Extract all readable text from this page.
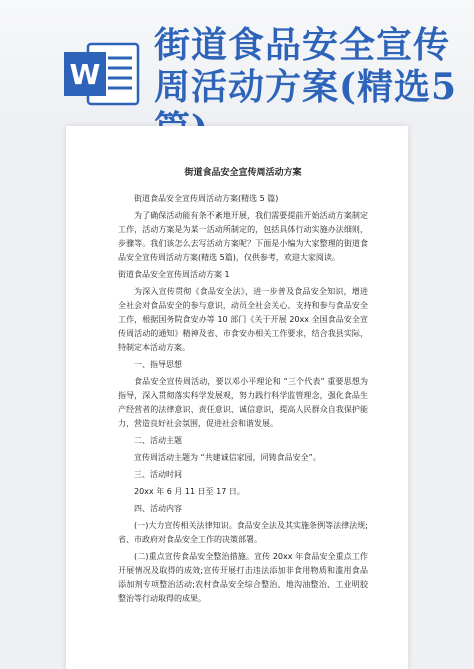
W
街道食品安全宣传
周活动方案(精选5
街道食品安全宣传周活动方案
街道食品安全宣传周活动方案(精选 5 篇)
为了确保活动能有条不紊地开展，我们需要提前开始活动方案制定工作，活动方案是为某一活动所制定的，包括具体行动实施办法细则，步骤等。我们该怎么去写活动方案呢？下面是小编为大家整理的街道食品安全宣传周活动方案(精选 5篇)，仅供参考，欢迎大家阅读。
街道食品安全宣传周活动方案 1
为深入宣传贯彻《食品安全法》，进一步普及食品安全知识，增进全社会对食品安全的参与意识，动员全社会关心、支持和参与食品安全工作，根据国务院食安办等 10 部门《关于开展 20xx 全国食品安全宣传周活动的通知》精神及省、市食安办相关工作要求，结合我县实际，特制定本活动方案。
一、指导思想
食品安全宣传周活动，要以邓小平理论和 “三个代表” 重要思想为指导，深入贯彻落实科学发展观，努力践行科学监管理念，强化食品生产经营者的法律意识、责任意识、诚信意识，提高人民群众自我保护能力，营造良好社会氛围，促进社会和谐发展。
二、活动主题
宣传周活动主题为 “共建诚信家园，同铸食品安全”。
三、活动时间
20xx 年 6 月 11 日至 17 日。
四、活动内容
(一)大力宣传相关法律知识。食品安全法及其实施条例等法律法规;省、市政府对食品安全工作的决策部署。
(二)重点宣传食品安全整治措施。宣传 20xx 年食品安全重点工作开展情况及取得的成效;宣传开展打击违法添加非食用物质和滥用食品添加剂专项整治活动;农村食品安全综合整治、地沟油整治、工业明胶整治等行动取得的成果。
